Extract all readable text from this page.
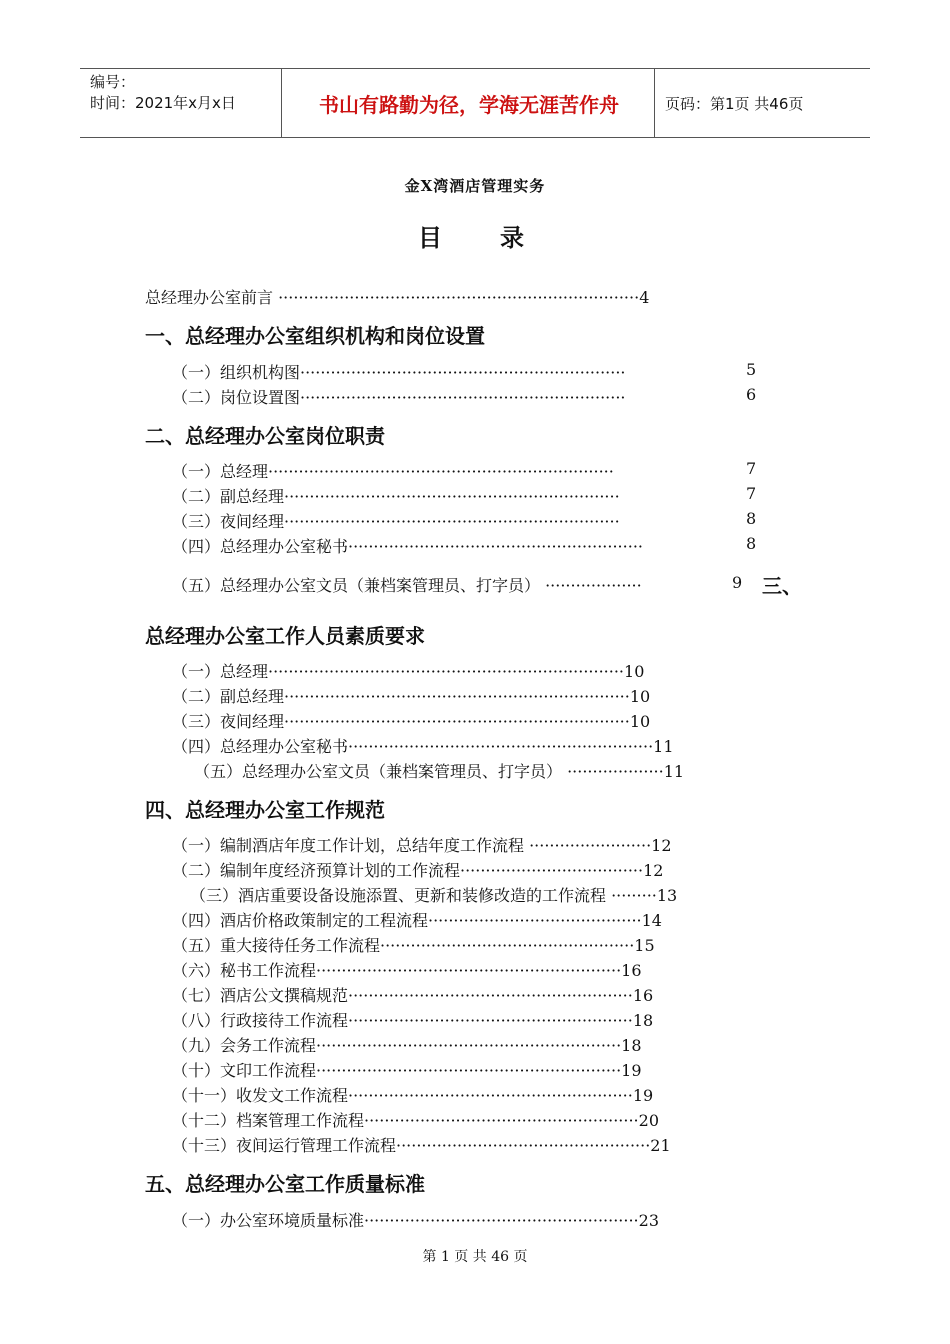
编号：
时间：2021年x月x日	书山有路勤为径，学海无涯苦作舟	页码：第1页 共46页
金X湾酒店管理实务
目 录
总经理办公室前言 ·······································································4
一、总经理办公室组织机构和岗位设置
（一）组织机构图································································	5
（二）岗位设置图································································	6
二、总经理办公室岗位职责
（一）总经理····································································	7
（二）副总经理··································································	7
（三）夜间经理··································································	8
（四）总经理办公室秘书··························································	8
（五）总经理办公室文员（兼档案管理员、打字员） ···················	9 三、
总经理办公室工作人员素质要求
（一）总经理······································································10
（二）副总经理····································································10
（三）夜间经理····································································10
（四）总经理办公室秘书····························································11
（五）总经理办公室文员（兼档案管理员、打字员） ···················11
四、总经理办公室工作规范
（一）编制酒店年度工作计划，总结年度工作流程 ························12
（二）编制年度经济预算计划的工作流程····································12
（三）酒店重要设备设施添置、更新和装修改造的工作流程 ·········13
（四）酒店价格政策制定的工程流程··········································14
（五）重大接待任务工作流程··················································15
（六）秘书工作流程····························································16
（七）酒店公文撰稿规范························································16
（八）行政接待工作流程························································18
（九）会务工作流程····························································18
（十）文印工作流程····························································19
（十一）收发文工作流程························································19
（十二）档案管理工作流程······················································20
（十三）夜间运行管理工作流程··················································21
五、总经理办公室工作质量标准
（一）办公室环境质量标准······················································23
第 1 页 共 46 页
